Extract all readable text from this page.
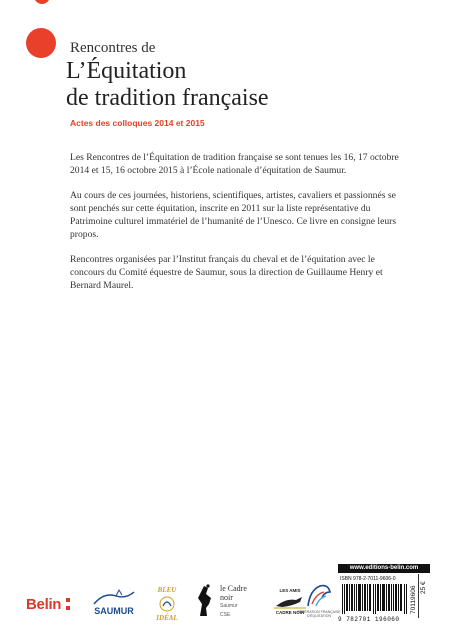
Rencontres de
L’Équitation
de tradition française
Actes des colloques 2014 et 2015

Les Rencontres de l’Équitation de tradition française se sont tenues les 16, 17 octobre 2014 et 15, 16 octobre 2015 à l’École nationale d’équitation de Saumur.

Au cours de ces journées, historiens, scientifiques, artistes, cavaliers et passionnés se sont penchés sur cette équitation, inscrite en 2011 sur la liste représentative du Patrimoine culturel immatériel de l’humanité de l’Unesco. Ce livre en consigne leurs propos.

Rencontres organisées par l’Institut français du cheval et de l’équitation avec le concours du Comité équestre de Saumur, sous la direction de Guillaume Henry et Bernard Maurel.

Belin	SAUMUR
BLEU
IDÉAL
le Cadre
noir
Saumur
CSE
LES AMIS
CADRE NOIR
FÉDÉRATION FRANÇAISE D'ÉQUITATION
www.editions-belin.com
ISBN 978-2-7011-9606-0
9 782701 196060
70119606 25 €
